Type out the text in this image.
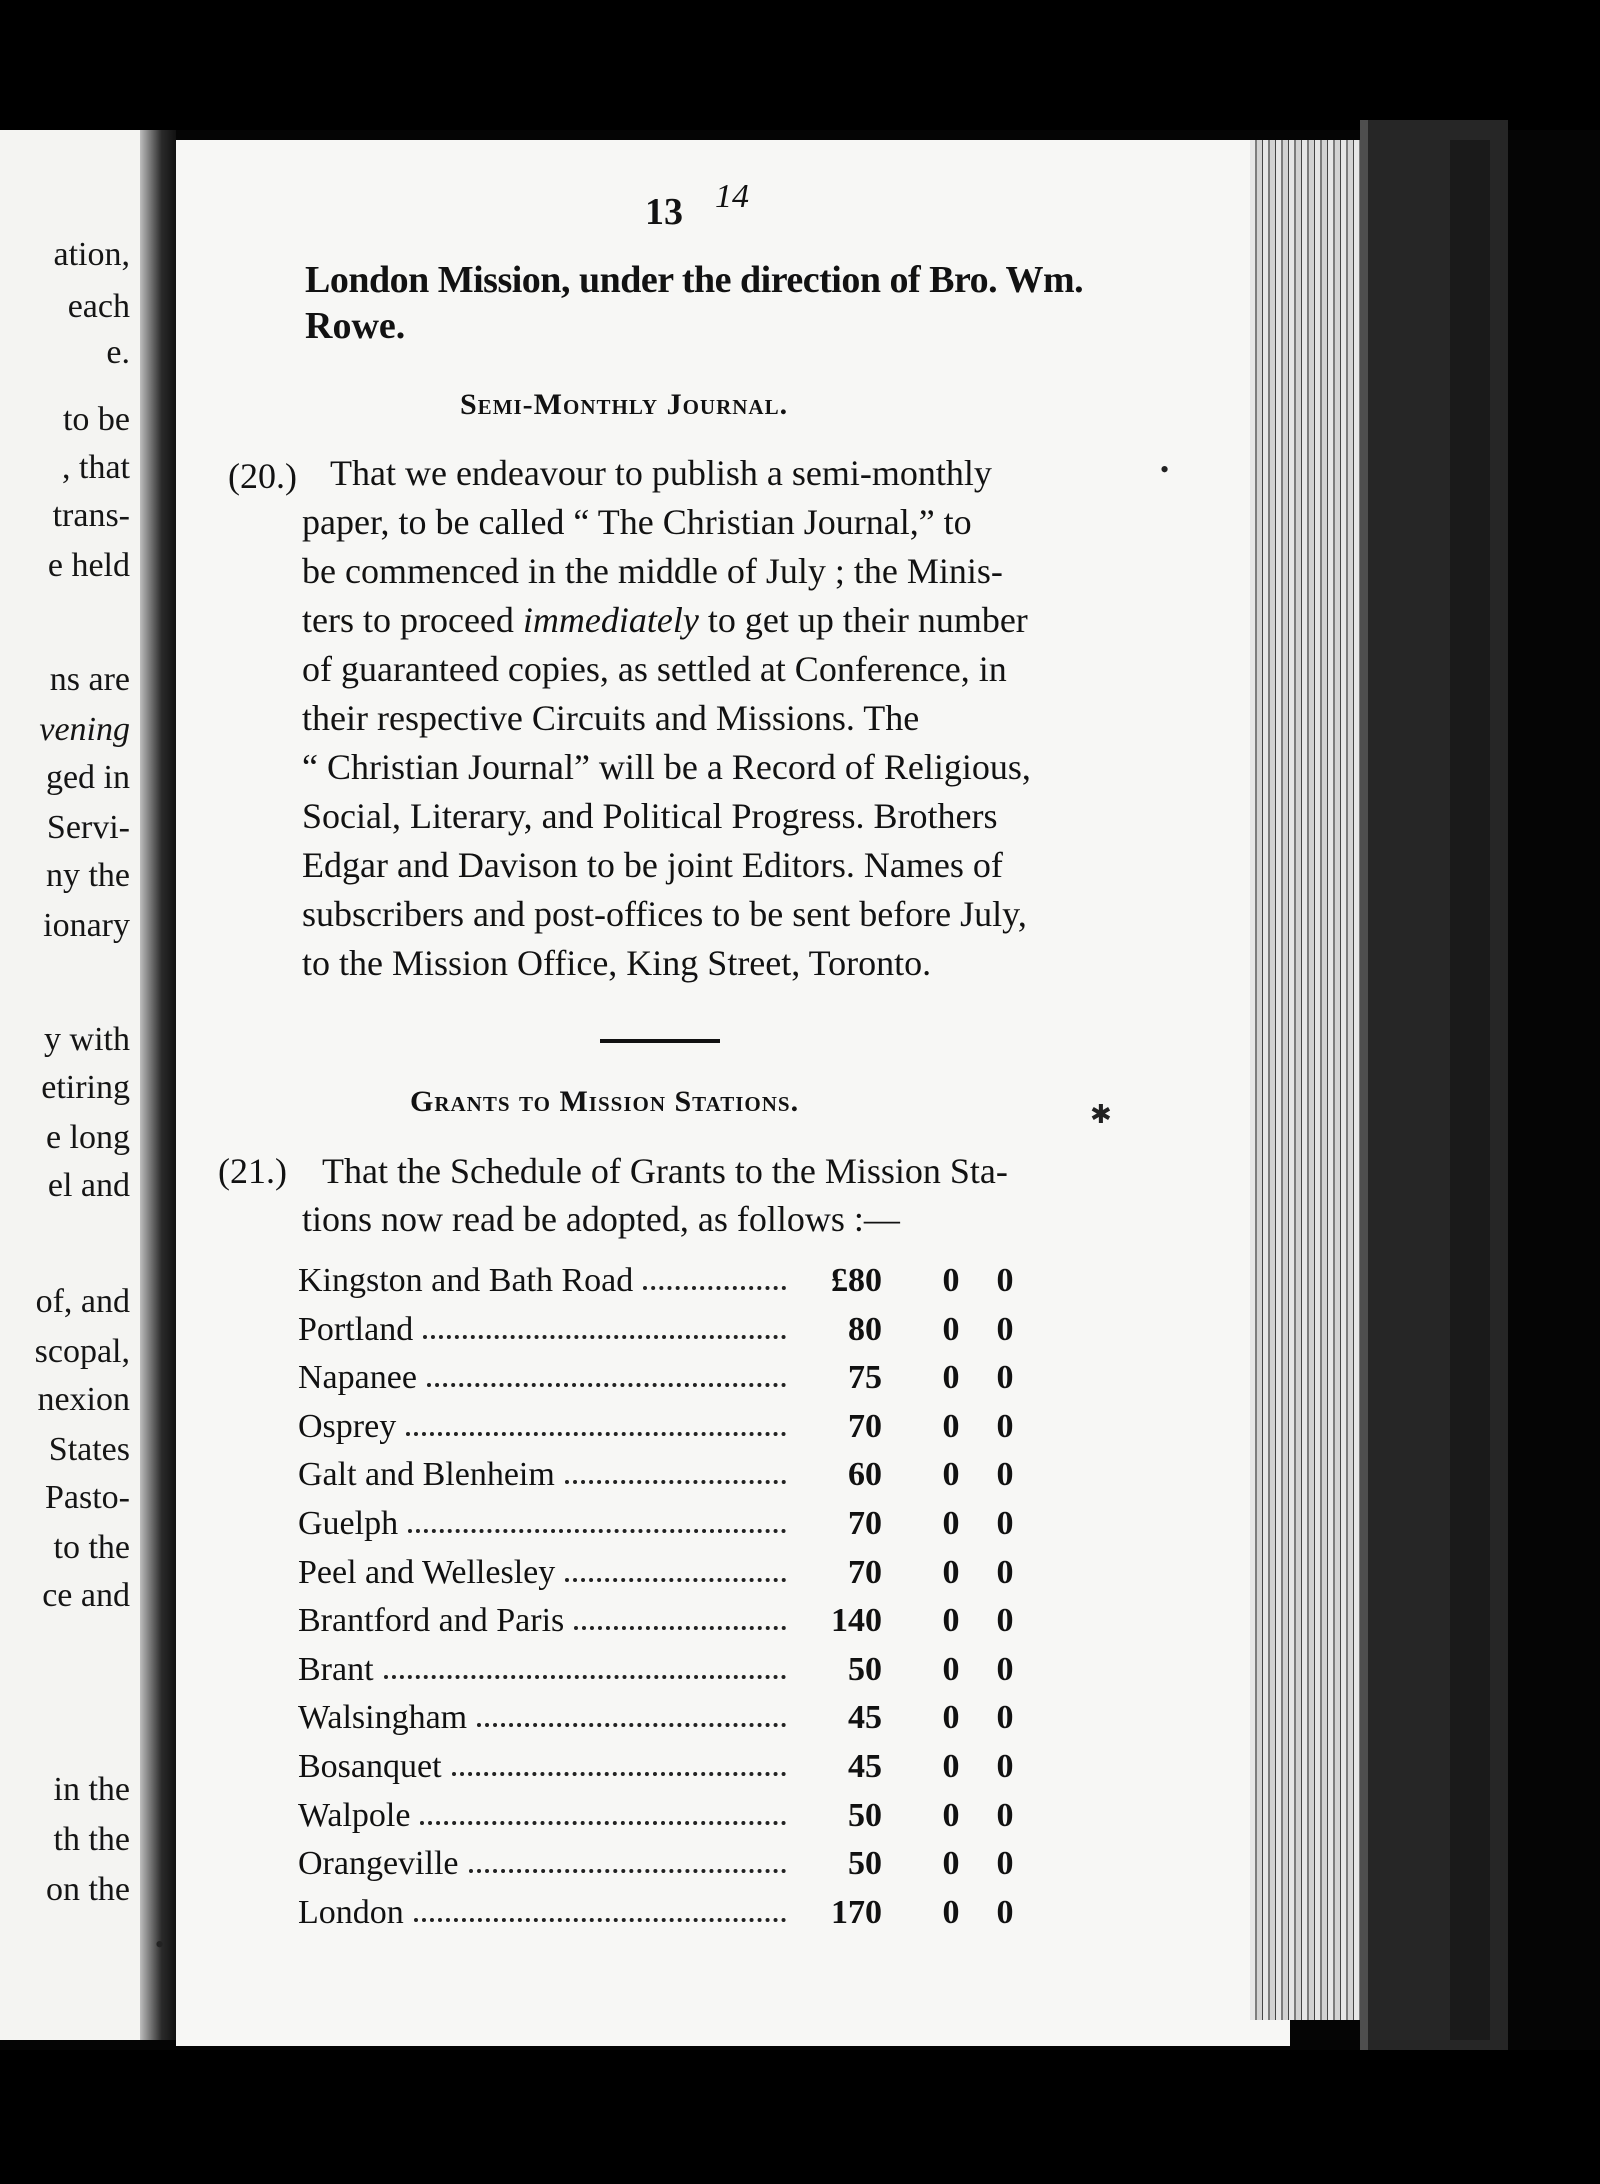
ation,
each
e.
to be
, that
trans-
e held
ns are
vening
ged in
Servi-
ny the
ionary
y with
etiring
e long
el and
of, and
scopal,
nexion
States
Pasto-
to the
ce and
in the
th the
on the
13 14
London Mission, under the direction of Bro. Wm.
Rowe.
Semi-Monthly Journal.
(20.) That we endeavour to publish a semi-monthly
paper, to be called “ The Christian Journal,” to
be commenced in the middle of July ; the Minis-
ters to proceed immediately to get up their number
of guaranteed copies, as settled at Conference, in
their respective Circuits and Missions. The
“ Christian Journal” will be a Record of Religious,
Social, Literary, and Political Progress. Brothers
Edgar and Davison to be joint Editors. Names of
subscribers and post-offices to be sent before July,
to the Mission Office, King Street, Toronto.
Grants to Mission Stations.
(21.) That the Schedule of Grants to the Mission Sta-
tions now read be adopted, as follows :—
Kingston and Bath Road	£80 0 0
Portland	80 0 0
Napanee	75 0 0
Osprey	70 0 0
Galt and Blenheim	60 0 0
Guelph	70 0 0
Peel and Wellesley	70 0 0
Brantford and Paris	140 0 0
Brant	50 0 0
Walsingham	45 0 0
Bosanquet	45 0 0
Walpole	50 0 0
Orangeville	50 0 0
London	170 0 0
•
✱
•
